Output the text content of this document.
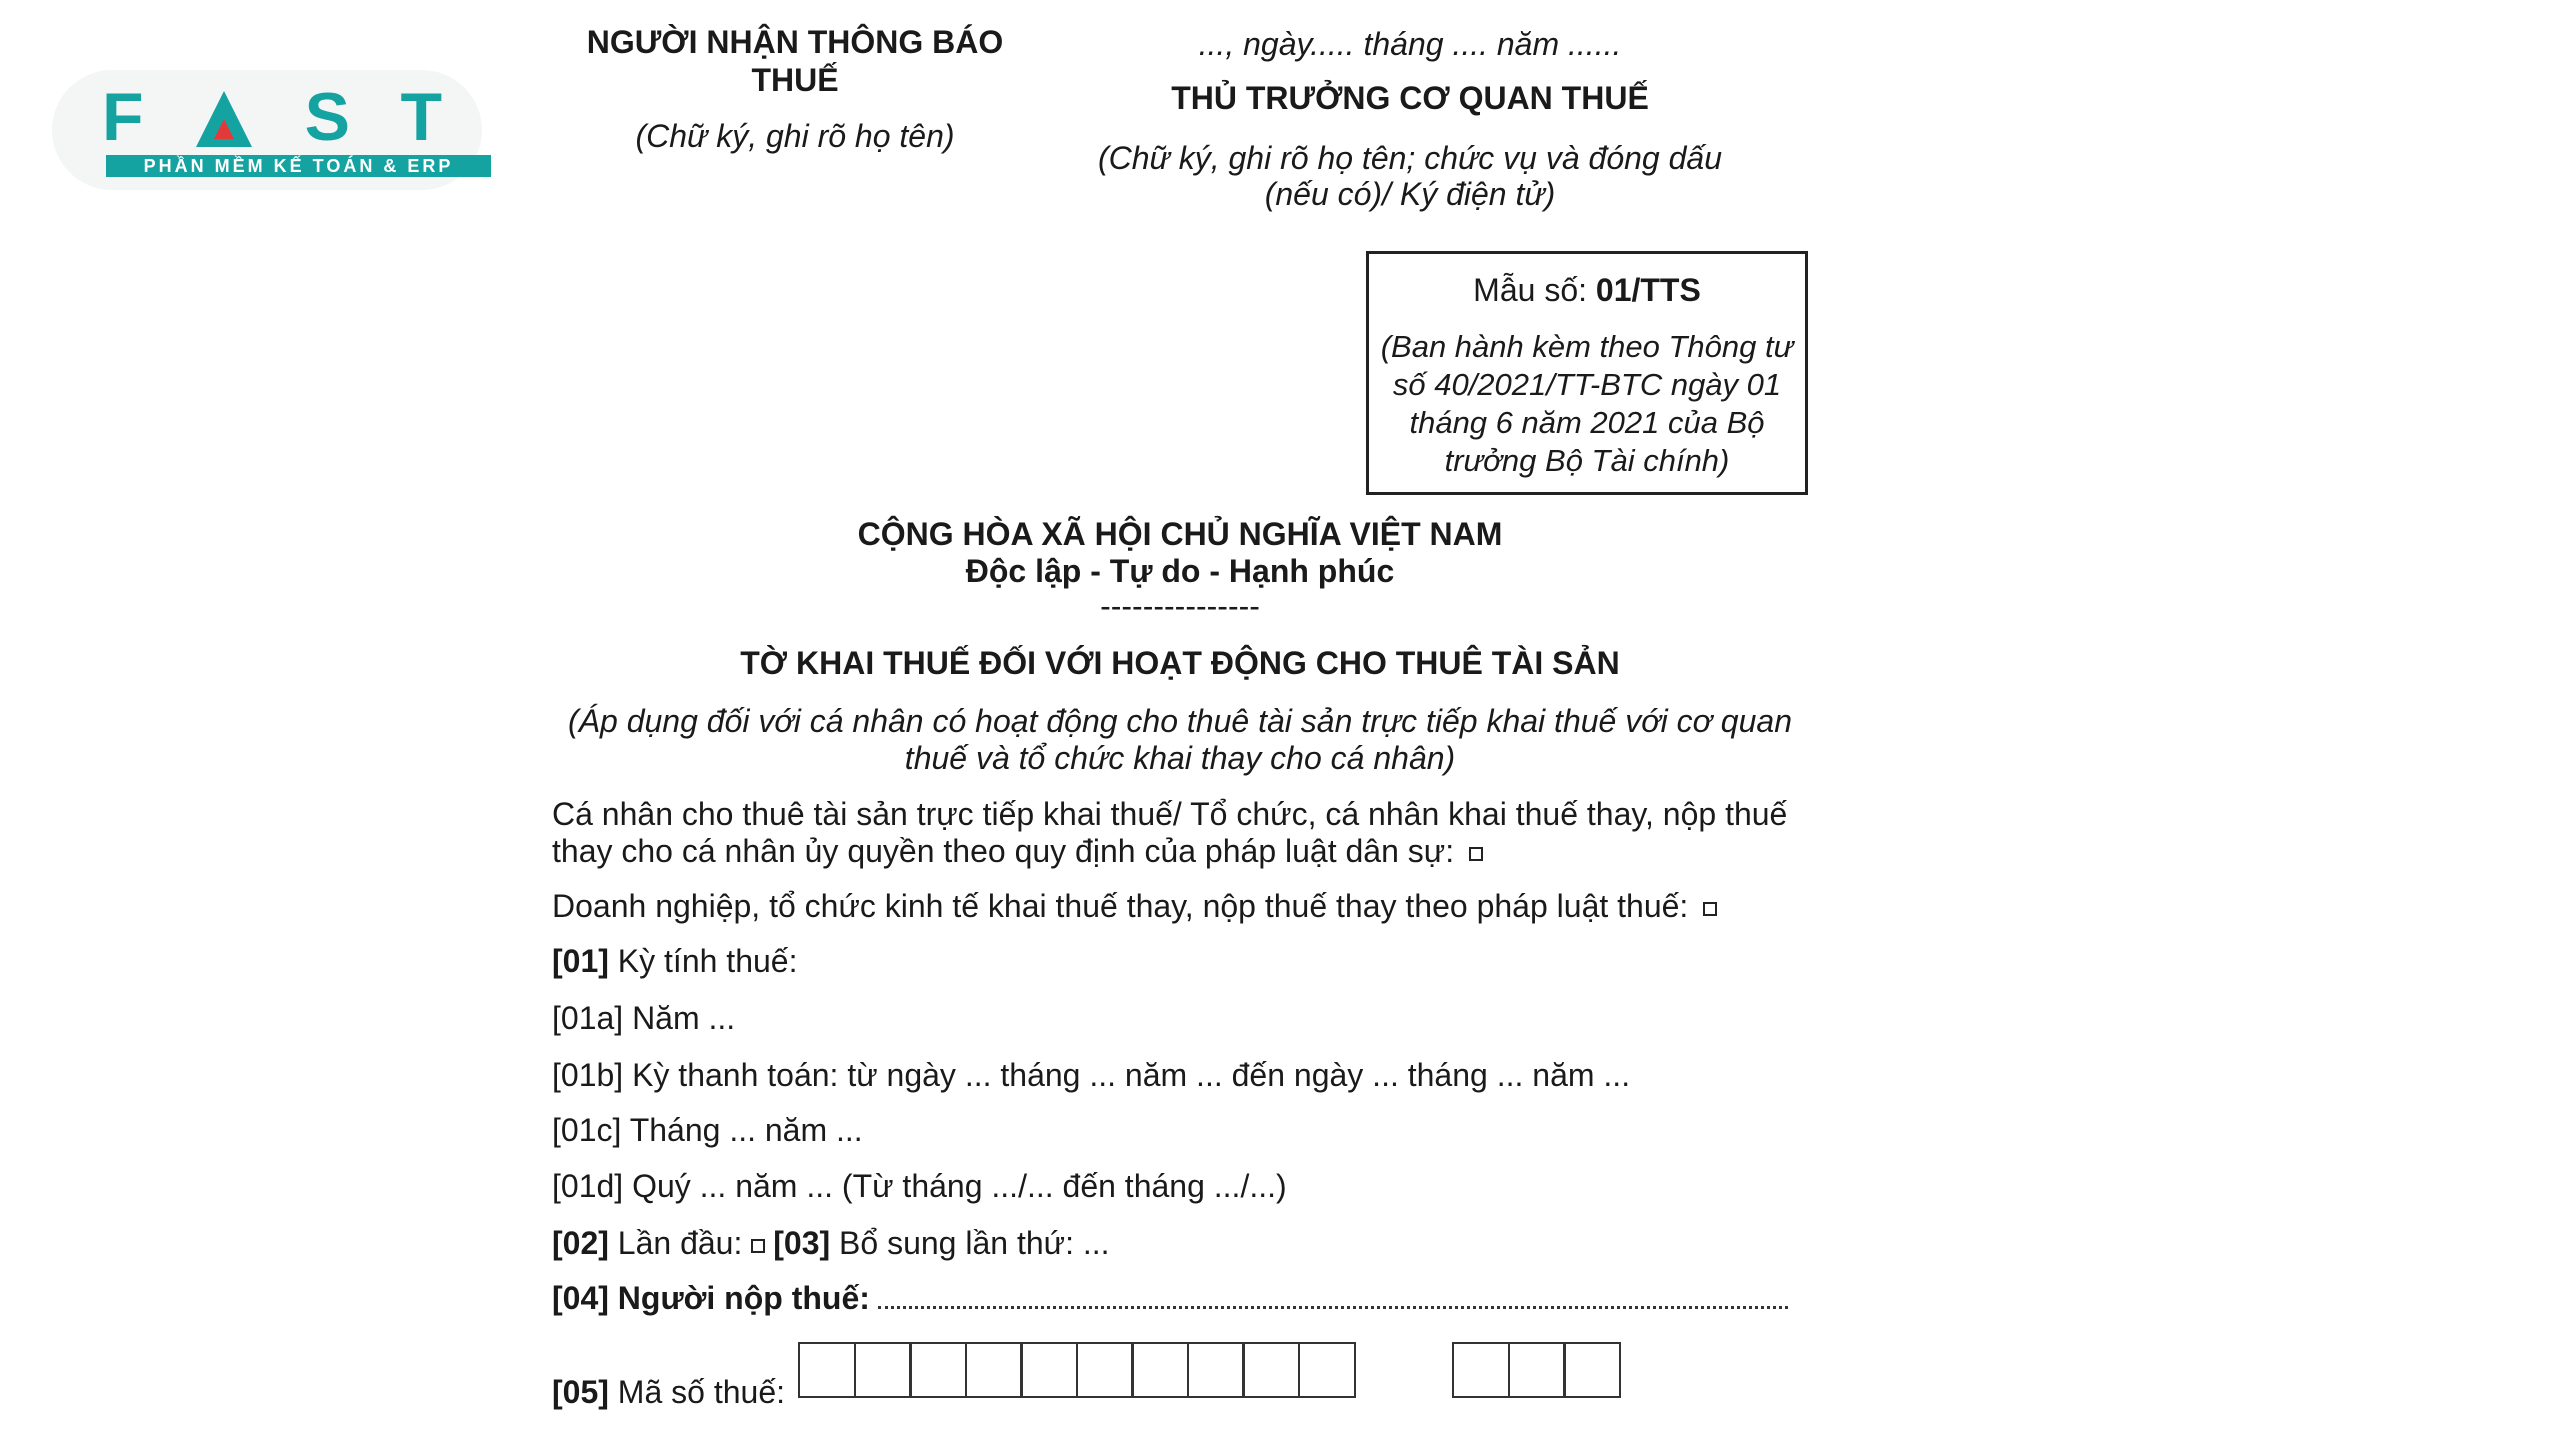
F S T
PHẦN MỀM KẾ TOÁN & ERP
NGƯỜI NHẬN THÔNG BÁO
THUẾ
(Chữ ký, ghi rõ họ tên)
..., ngày..... tháng .... năm ......
THỦ TRƯỞNG CƠ QUAN THUẾ
(Chữ ký, ghi rõ họ tên; chức vụ và đóng dấu
(nếu có)/ Ký điện tử)
Mẫu số: 01/TTS
(Ban hành kèm theo Thông tư số 40/2021/TT-BTC ngày 01 tháng 6 năm 2021 của Bộ trưởng Bộ Tài chính)
CỘNG HÒA XÃ HỘI CHỦ NGHĨA VIỆT NAM
Độc lập - Tự do - Hạnh phúc
---------------
TỜ KHAI THUẾ ĐỐI VỚI HOẠT ĐỘNG CHO THUÊ TÀI SẢN
(Áp dụng đối với cá nhân có hoạt động cho thuê tài sản trực tiếp khai thuế với cơ quan
thuế và tổ chức khai thay cho cá nhân)
Cá nhân cho thuê tài sản trực tiếp khai thuế/ Tổ chức, cá nhân khai thuế thay, nộp thuế
thay cho cá nhân ủy quyền theo quy định của pháp luật dân sự:
Doanh nghiệp, tổ chức kinh tế khai thuế thay, nộp thuế thay theo pháp luật thuế:
[01] Kỳ tính thuế:
[01a] Năm ...
[01b] Kỳ thanh toán: từ ngày ... tháng ... năm ... đến ngày ... tháng ... năm ...
[01c] Tháng ... năm ...
[01d] Quý ... năm ... (Từ tháng .../... đến tháng .../...)
[02] Lần đầu: [03] Bổ sung lần thứ: ...
[04] Người nộp thuế:
[05] Mã số thuế:
